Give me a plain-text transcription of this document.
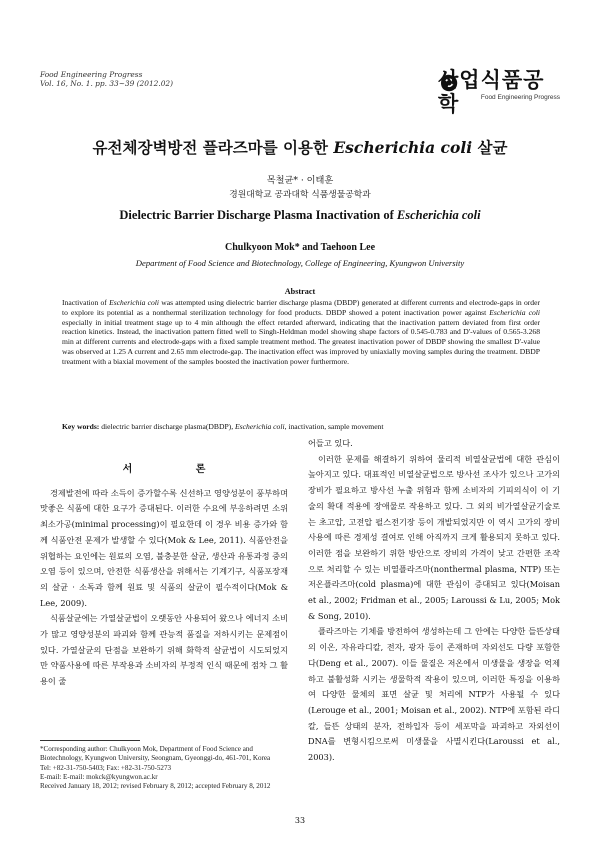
Food Engineering Progress
Vol. 16, No. 1. pp. 33~39 (2012.02)	산업식품공학	Food Engineering Progress
유전체장벽방전 플라즈마를 이용한 Escherichia coli 살균
목철균* · 이태훈
경원대학교 공과대학 식품생물공학과
Dielectric Barrier Discharge Plasma Inactivation of Escherichia coli
Chulkyoon Mok* and Taehoon Lee
Department of Food Science and Biotechnology, College of Engineering, Kyungwon University
Abstract
Inactivation of Escherichia coli was attempted using dielectric barrier discharge plasma (DBDP) generated at different currents and electrode-gaps in order to explore its potential as a nonthermal sterilization technology for food products. DBDP showed a potent inactivation power against Escherichia coli especially in initial treatment stage up to 4 min although the effect retarded afterward, indicating that the inactivation pattern deviated from first order reaction kinetics. Instead, the inactivation pattern fitted well to Singh-Heldman model showing shape factors of 0.545-0.783 and D'-values of 0.565-3.268 min at different currents and electrode-gaps with a fixed sample treatment method. The greatest inactivation power of DBDP showing the smallest D'-value was observed at 1.25 A current and 2.65 mm electrode-gap. The inactivation effect was improved by uniaxially moving samples during the treatment. DBDP treatment with a biaxial movement of the samples boosted the inactivation power furthermore.
Key words: dielectric barrier discharge plasma(DBDP), Escherichia coli, inactivation, sample movement
서 론

경제발전에 따라 소득이 증가할수록 신선하고 영양성분이 풍부하며 맛좋은 식품에 대한 요구가 증대된다. 이러한 수요에 부응하려면 소위 최소가공(minimal processing)이 필요한데 이 경우 비용 증가와 함께 식품안전 문제가 발생할 수 있다(Mok & Lee, 2011). 식품안전을 위협하는 요인에는 원료의 오염, 불충분한 살균, 생산과 유통과정 중의 오염 등이 있으며, 안전한 식품생산을 위해서는 기계기구, 식품포장재의 살균 · 소독과 함께 원료 및 식품의 살균이 필수적이다(Mok & Lee, 2009).

식품살균에는 가열살균법이 오랫동안 사용되어 왔으나 에너지 소비가 많고 영양성분의 파괴와 함께 관능적 품질을 저하시키는 문제점이 있다. 가열살균의 단점을 보완하기 위해 화학적 살균법이 시도되었지만 약품사용에 따른 부작용과 소비자의 부정적 인식 때문에 점차 그 활용이 줄

어들고 있다.

이러한 문제를 해결하기 위하여 물리적 비열살균법에 대한 관심이 높아지고 있다. 대표적인 비열살균법으로 방사선 조사가 있으나 고가의 장비가 필요하고 방사선 누출 위험과 함께 소비자의 기피의식이 이 기술의 확대 적용에 장애물로 작용하고 있다. 그 외의 비가열살균기술로는 초고압, 고전압 펄스전기장 등이 개발되었지만 이 역시 고가의 장비 사용에 따른 경제성 결여로 인해 아직까지 크게 활용되지 못하고 있다. 이러한 점을 보완하기 위한 방안으로 장비의 가격이 낮고 간편한 조작으로 처리할 수 있는 비열플라즈마(nonthermal plasma, NTP) 또는 저온플라즈마(cold plasma)에 대한 관심이 증대되고 있다(Moisan et al., 2002; Fridman et al., 2005; Laroussi & Lu, 2005; Mok & Song, 2010).

플라즈마는 기체를 방전하여 생성하는데 그 안에는 다양한 들뜬상태의 이온, 자유라디칼, 전자, 광자 등이 존재하며 자외선도 다량 포함한다(Deng et al., 2007). 이들 물질은 저온에서 미생물을 생장을 억제하고 불활성화 시키는 생물학적 작용이 있으며, 이러한 특징을 이용하여 다양한 물체의 표면 살균 및 처리에 NTP가 사용될 수 있다(Lerouge et al., 2001; Moisan et al., 2002). NTP에 포함된 라디칼, 들뜬 상태의 분자, 전하입자 등이 세포막을 파괴하고 자외선이 DNA를 변형시킴으로써 미생물을 사멸시킨다(Laroussi et al., 2003).

*Corresponding author: Chulkyoon Mok, Department of Food Science and Biotechnology, Kyungwon University, Seongnam, Gyeonggi-do, 461-701, Korea
Tel: +82-31-750-5403; Fax: +82-31-750-5273
E-mail: E-mail: mokck@kyungwon.ac.kr
Received January 18, 2012; revised February 8, 2012; accepted February 8, 2012
33
